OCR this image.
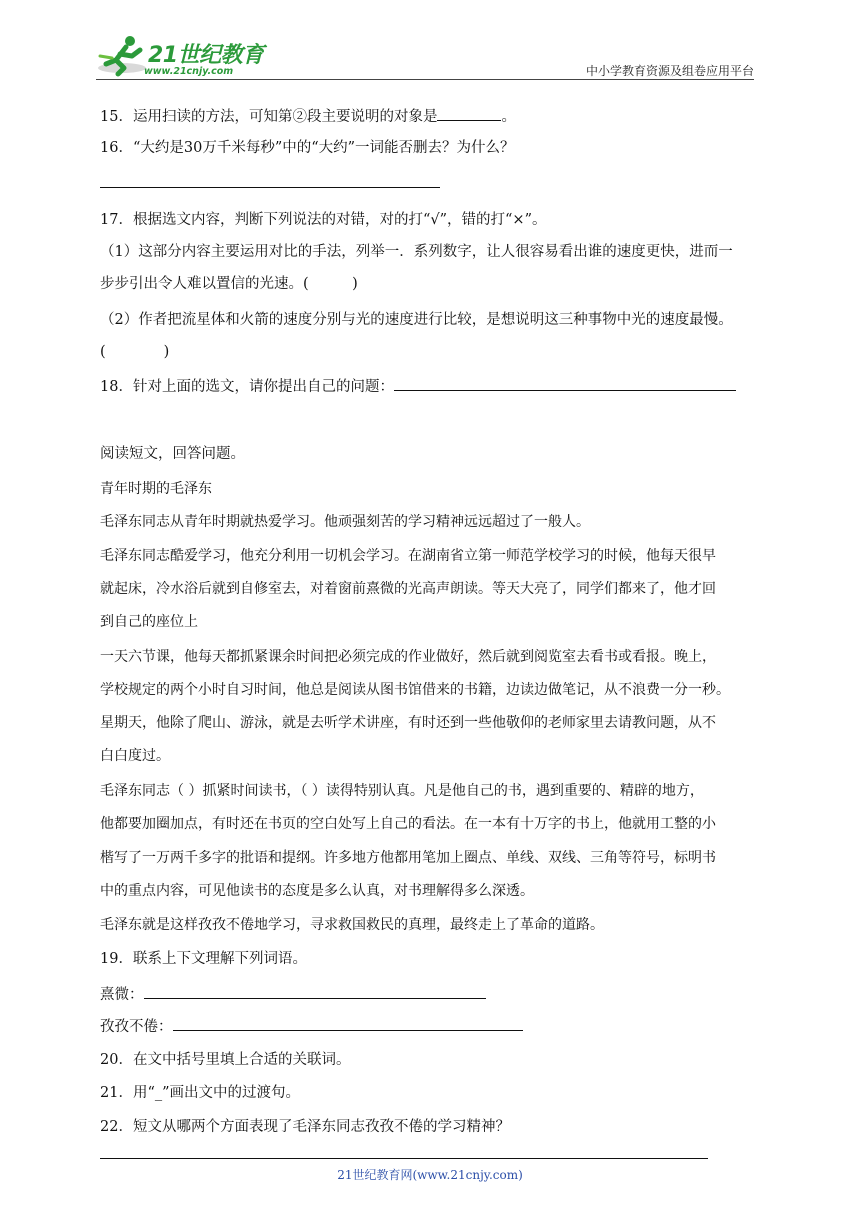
21世纪教育
www.21cnjy.com	中小学教育资源及组卷应用平台
15．运用扫读的方法，可知第②段主要说明的对象是	。
16．“大约是30万千米每秒”中的“大约”一词能否删去？为什么？
17．根据选文内容，判断下列说法的对错，对的打“√”，错的打“×”。
（1）这部分内容主要运用对比的手法，列举一．系列数字，让人很容易看出谁的速度更快，进而一
步步引出令人难以置信的光速。(　　　)
（2）作者把流星体和火箭的速度分别与光的速度进行比较，是想说明这三种事物中光的速度最慢。
(　　　　)
18．针对上面的选文，请你提出自己的问题：
阅读短文，回答问题。
青年时期的毛泽东
毛泽东同志从青年时期就热爱学习。他顽强刻苦的学习精神远远超过了一般人。
毛泽东同志酷爱学习，他充分利用一切机会学习。在湖南省立第一师范学校学习的时候，他每天很早
就起床，冷水浴后就到自修室去，对着窗前熹微的光高声朗读。等天大亮了，同学们都来了，他才回
到自己的座位上
一天六节课，他每天都抓紧课余时间把必须完成的作业做好，然后就到阅览室去看书或看报。晚上，
学校规定的两个小时自习时间，他总是阅读从图书馆借来的书籍，边读边做笔记，从不浪费一分一秒。
星期天，他除了爬山、游泳，就是去听学术讲座，有时还到一些他敬仰的老师家里去请教问题，从不
白白度过。
毛泽东同志（ ）抓紧时间读书，（ ）读得特别认真。凡是他自己的书，遇到重要的、精辟的地方，
他都要加圈加点，有时还在书页的空白处写上自己的看法。在一本有十万字的书上，他就用工整的小
楷写了一万两千多字的批语和提纲。许多地方他都用笔加上圈点、单线、双线、三角等符号，标明书
中的重点内容，可见他读书的态度是多么认真，对书理解得多么深透。
毛泽东就是这样孜孜不倦地学习，寻求救国救民的真理，最终走上了革命的道路。
19．联系上下文理解下列词语。
熹微：
孜孜不倦：
20．在文中括号里填上合适的关联词。
21．用“_”画出文中的过渡句。
22．短文从哪两个方面表现了毛泽东同志孜孜不倦的学习精神？
21世纪教育网(www.21cnjy.com)
